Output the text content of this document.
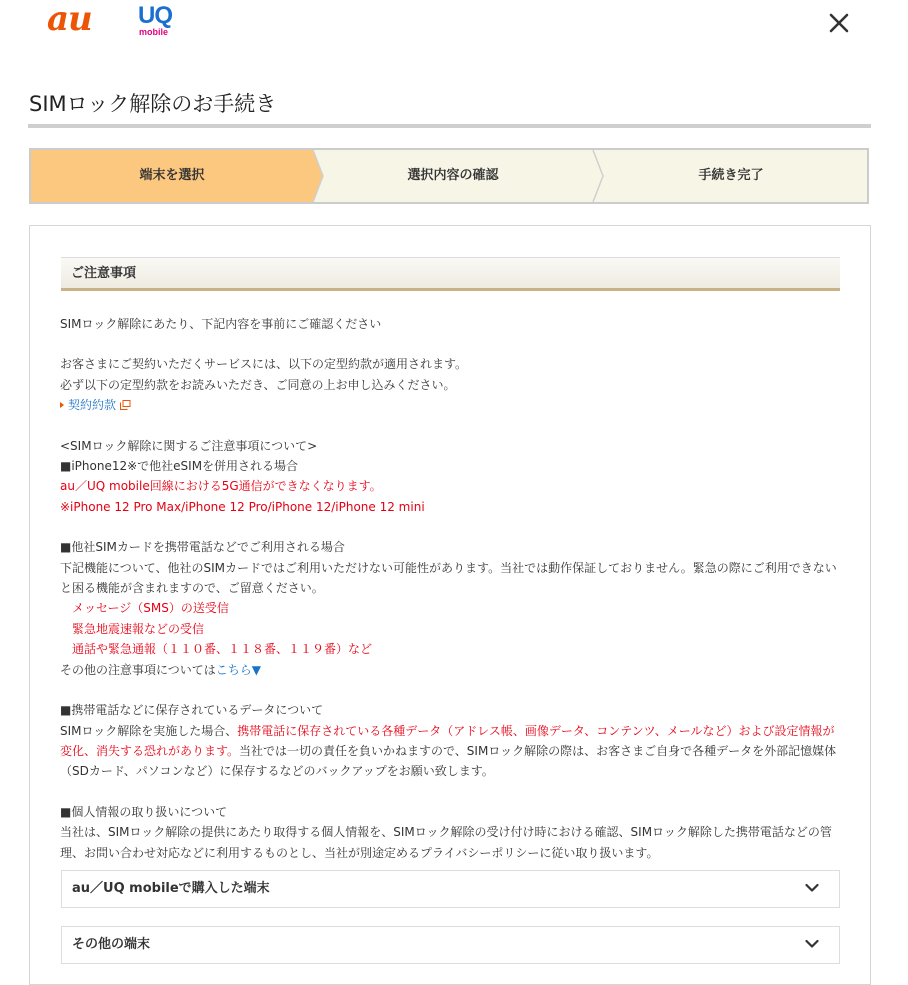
au UQ
mobile
SIMロック解除のお手続き
端末を選択	選択内容の確認	手続き完了
ご注意事項

SIMロック解除にあたり、下記内容を事前にご確認ください

お客さまにご契約いただくサービスには、以下の定型約款が適用されます。

必ず以下の定型約款をお読みいただき、ご同意の上お申し込みください。

契約約款

<SIMロック解除に関するご注意事項について>

■iPhone12※で他社eSIMを併用される場合

au／UQ mobile回線における5G通信ができなくなります。

※iPhone 12 Pro Max/iPhone 12 Pro/iPhone 12/iPhone 12 mini

■他社SIMカードを携帯電話などでご利用される場合

下記機能について、他社のSIMカードではご利用いただけない可能性があります。当社では動作保証しておりません。緊急の際にご利用できないと困る機能が含まれますので、ご留意ください。

メッセージ（SMS）の送受信

緊急地震速報などの受信

通話や緊急通報（１１０番、１１８番、１１９番）など

その他の注意事項についてはこちら▼

■携帯電話などに保存されているデータについて

SIMロック解除を実施した場合、携帯電話に保存されている各種データ（アドレス帳、画像データ、コンテンツ、メールなど）および設定情報が変化、消失する恐れがあります。当社では一切の責任を負いかねますので、SIMロック解除の際は、お客さまご自身で各種データを外部記憶媒体（SDカード、パソコンなど）に保存するなどのバックアップをお願い致します。

■個人情報の取り扱いについて

当社は、SIMロック解除の提供にあたり取得する個人情報を、SIMロック解除の受け付け時における確認、SIMロック解除した携帯電話などの管理、お問い合わせ対応などに利用するものとし、当社が別途定めるプライバシーポリシーに従い取り扱います。

au／UQ mobileで購入した端末
その他の端末
